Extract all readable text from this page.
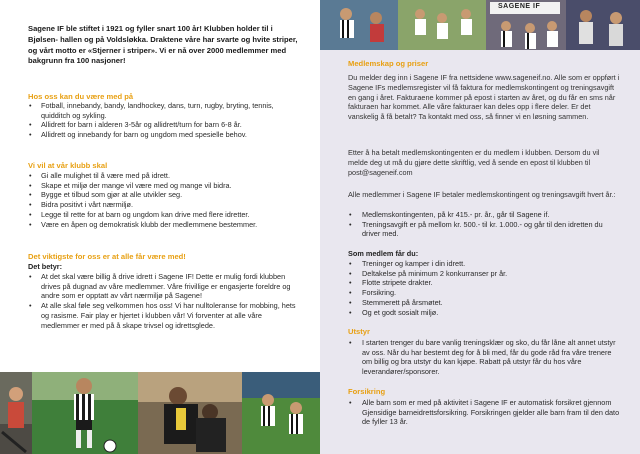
Sagene IF ble stiftet i 1921 og fyller snart 100 år! Klubben holder til i Bjølsen- hallen og på Voldsløkka. Draktene våre har svarte og hvite striper, og vårt motto er «Stjerner i striper». Vi er nå over 2000 medlemmer med bakgrunn fra 100 nasjoner!
Hos oss kan du være med på
• Fotball, innebandy, bandy, landhockey, dans, turn, rugby, bryting, tennis, quidditch og sykling.
• Allidrett for barn i alderen 3-5år og allidrett/turn for barn 6-8 år.
• Allidrett og innebandy for barn og ungdom med spesielle behov.
Vi vil at vår klubb skal
• Gi alle mulighet til å være med på idrett.
• Skape et miljø der mange vil være med og mange vil bidra.
• Bygge et tilbud som gjør at alle utvikler seg.
• Bidra positivt i vårt nærmiljø.
• Legge til rette for at barn og ungdom kan drive med flere idretter.
• Være en åpen og demokratisk klubb der medlemmene bestemmer.
Det viktigste for oss er at alle får være med!
Det betyr:
• At det skal være billig å drive idrett i Sagene IF! Dette er mulig fordi klubben drives på dugnad av våre medlemmer. Våre frivillige er engasjerte foreldre og andre som er opptatt av vårt nærmiljø på Sagene!
• At alle skal føle seg velkommen hos oss! Vi har nulltoleranse for mobbing, hets og rasisme. Fair play er hjertet i klubben vår! Vi forventer at alle våre medlemmer er med på å skape trivsel og idrettsglede.
SAGENE IF
Medlemskap og priser

Du melder deg inn i Sagene IF fra nettsidene www.sageneif.no. Alle som er oppført i Sagene IFs medlemsregister vil få faktura for medlemskontingent og treningsavgift en gang i året. Fakturaene kommer på epost i starten av året, og du får en sms når fakturaen har kommet. Alle våre fakturaer kan deles opp i flere deler. Er det vanskelig å få betalt? Ta kontakt med oss, så finner vi en løsning sammen.

Etter å ha betalt medlemskontingenten er du medlem i klubben. Dersom du vil melde deg ut må du gjøre dette skriftlig, ved å sende en epost til klubben til post@sageneif.com

Alle medlemmer i Sagene IF betaler medlemskontingent og treningsavgift hvert år.:

• Medlemskontingenten, på kr 415.- pr. år., går til Sagene if.
• Treningsavgift er på mellom kr. 500.- til kr. 1.000.- og går til den idretten du driver med.
Som medlem får du:
• Treninger og kamper i din idrett.
• Deltakelse på minimum 2 konkurranser pr år.
• Flotte stripete drakter.
• Forsikring.
• Stemmerett på årsmøtet.
• Og et godt sosialt miljø.
Utstyr
• I starten trenger du bare vanlig treningsklær og sko, du får låne alt annet utstyr av oss. Når du har bestemt deg for å bli med, får du gode råd fra våre trenere om billig og bra utstyr du kan kjøpe. Rabatt på utstyr får du hos våre leverandører/sponsorer.
Forsikring
• Alle barn som er med på aktivitet i Sagene IF er automatisk forsikret gjennom Gjensidige barneidrettsforsikring. Forsikringen gjelder alle barn fram til den dato de fyller 13 år.
